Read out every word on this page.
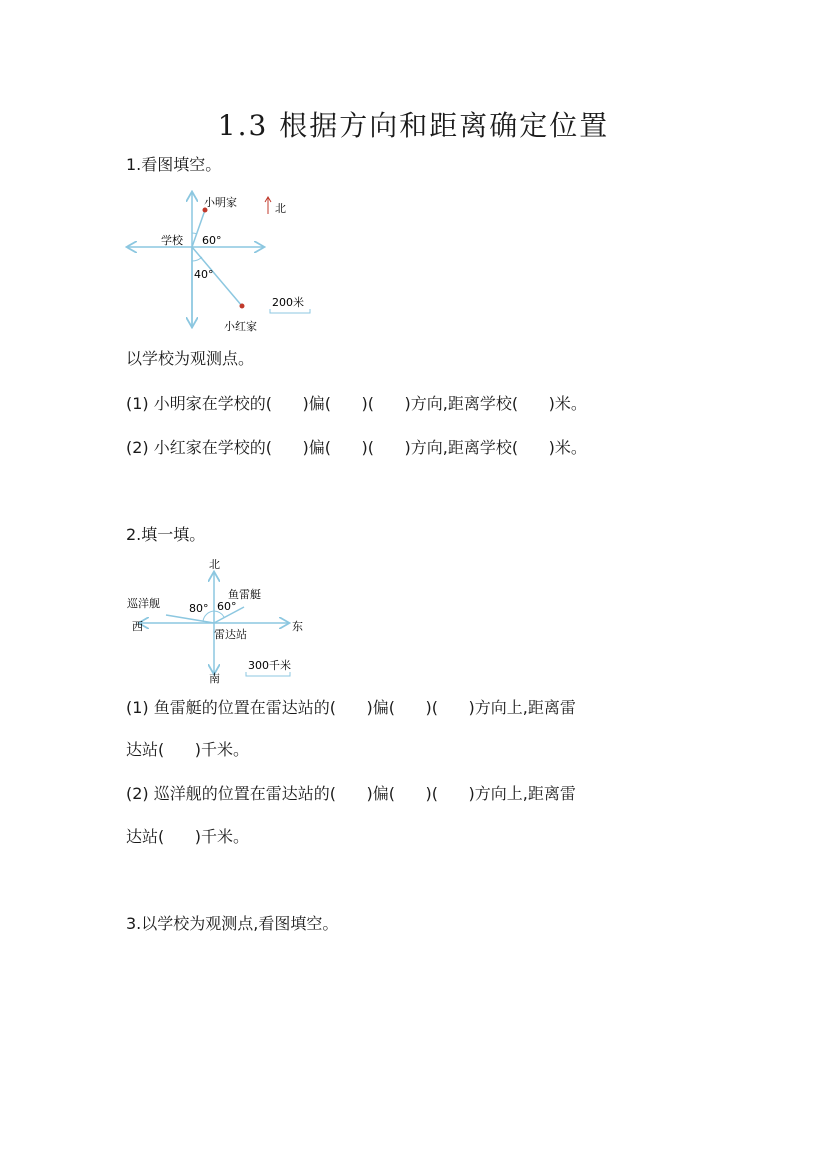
1.3 根据方向和距离确定位置
1.看图填空。
小明家
学校 60°
40°
小红家
北
200米
以学校为观测点。
(1) 小明家在学校的(      )偏(      )(      )方向,距离学校(      )米。
(2) 小红家在学校的(      )偏(      )(      )方向,距离学校(      )米。
2.填一填。
北
南
东
西
巡洋舰
鱼雷艇
80° 60°
雷达站
300千米
(1) 鱼雷艇的位置在雷达站的(      )偏(      )(      )方向上,距离雷
达站(      )千米。
(2) 巡洋舰的位置在雷达站的(      )偏(      )(      )方向上,距离雷
达站(      )千米。
3.以学校为观测点,看图填空。
